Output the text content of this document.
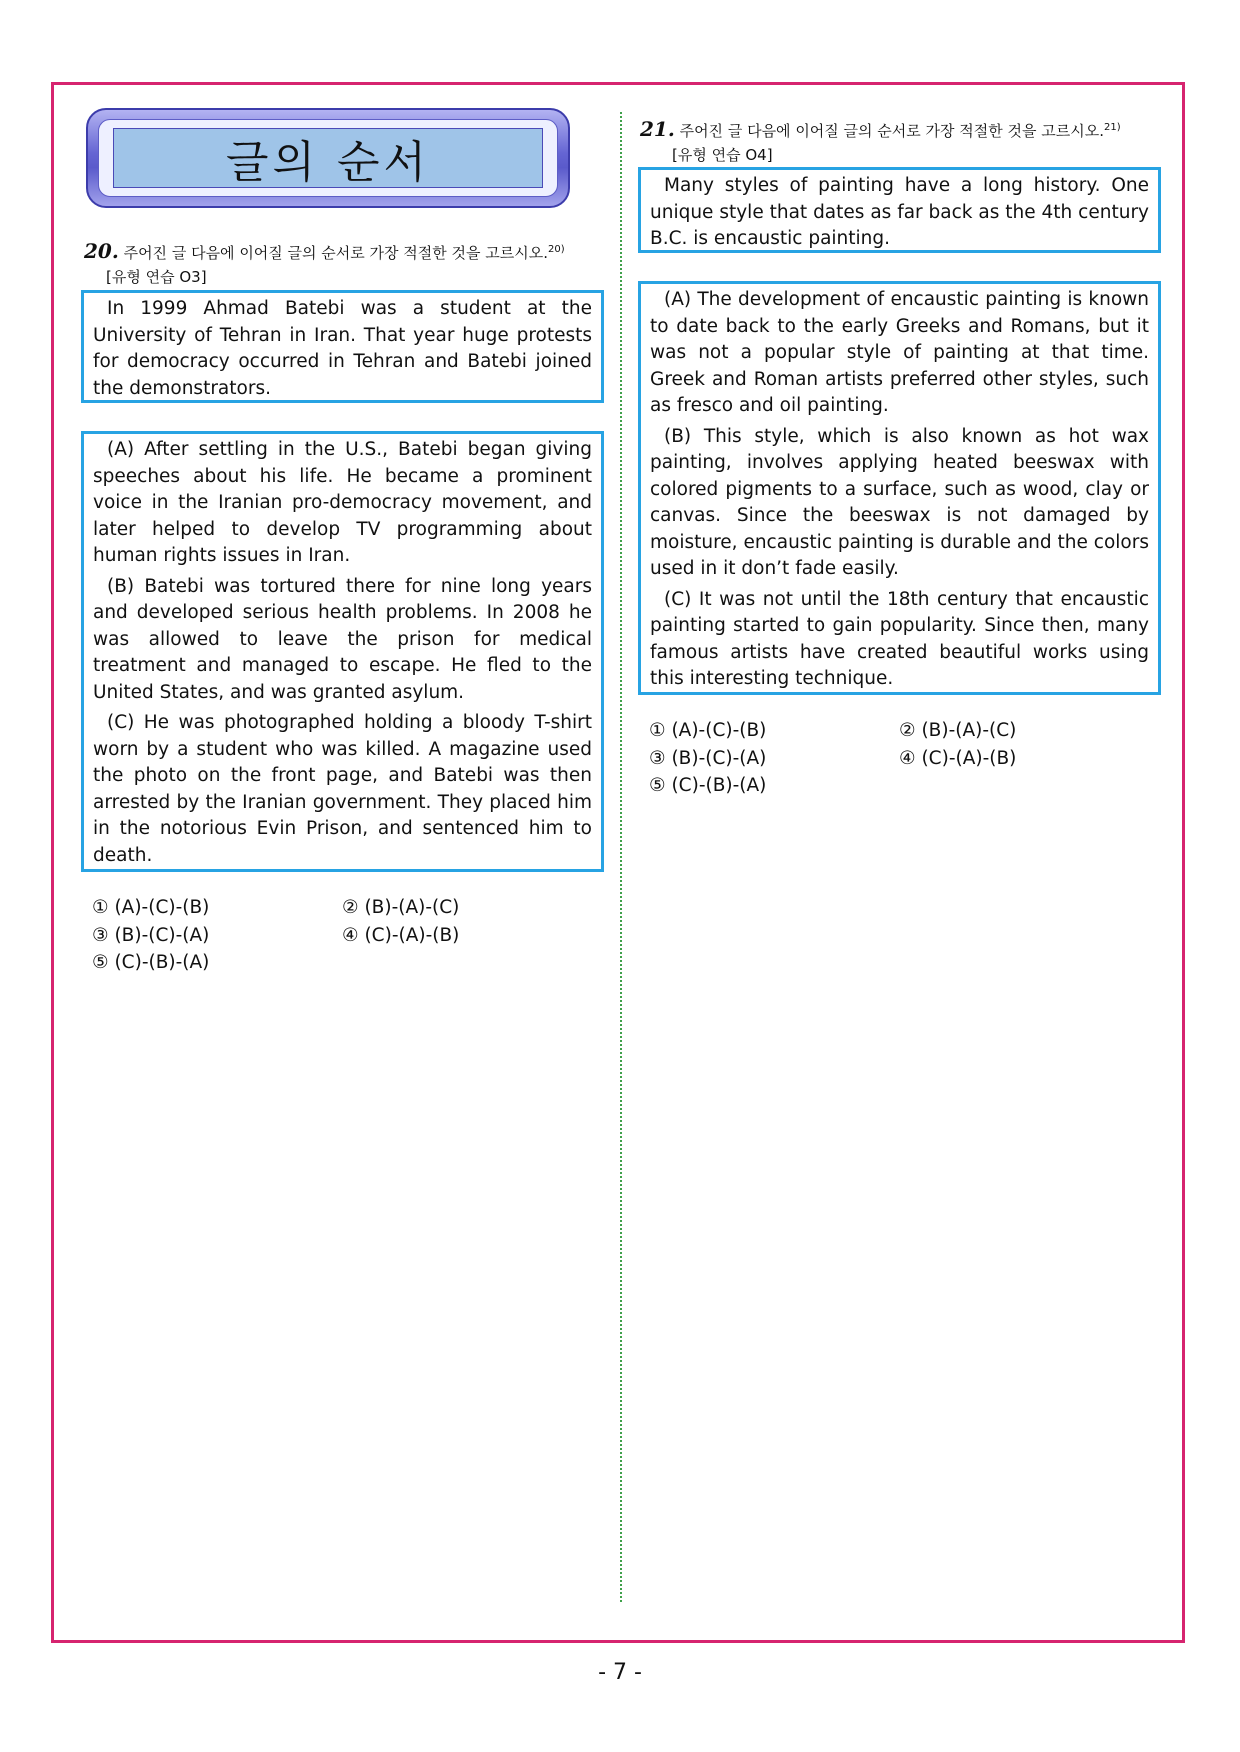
글의 순서
20. 주어진 글 다음에 이어질 글의 순서로 가장 적절한 것을 고르시오.$^{20)}$
[유형 연습 O3]

In 1999 Ahmad Batebi was a student at the University of Tehran in Iran. That year huge protests for democracy occurred in Tehran and Batebi joined the demonstrators.

(A) After settling in the U.S., Batebi began giving speeches about his life. He became a prominent voice in the Iranian pro-democracy movement, and later helped to develop TV programming about human rights issues in Iran.

(B) Batebi was tortured there for nine long years and developed serious health problems. In 2008 he was allowed to leave the prison for medical treatment and managed to escape. He fled to the United States, and was granted asylum.

(C) He was photographed holding a bloody T-shirt worn by a student who was killed. A magazine used the photo on the front page, and Batebi was then arrested by the Iranian government. They placed him in the notorious Evin Prison, and sentenced him to death.

① (A)-(C)-(B)	② (B)-(A)-(C)
③ (B)-(C)-(A)	④ (C)-(A)-(B)
⑤ (C)-(B)-(A)
21. 주어진 글 다음에 이어질 글의 순서로 가장 적절한 것을 고르시오.$^{21)}$
[유형 연습 O4]

Many styles of painting have a long history. One unique style that dates as far back as the 4th century B.C. is encaustic painting.

(A) The development of encaustic painting is known to date back to the early Greeks and Romans, but it was not a popular style of painting at that time. Greek and Roman artists preferred other styles, such as fresco and oil painting.

(B) This style, which is also known as hot wax painting, involves applying heated beeswax with colored pigments to a surface, such as wood, clay or canvas. Since the beeswax is not damaged by moisture, encaustic painting is durable and the colors used in it don’t fade easily.

(C) It was not until the 18th century that encaustic painting started to gain popularity. Since then, many famous artists have created beautiful works using this interesting technique.

① (A)-(C)-(B)	② (B)-(A)-(C)
③ (B)-(C)-(A)	④ (C)-(A)-(B)
⑤ (C)-(B)-(A)
- 7 -
